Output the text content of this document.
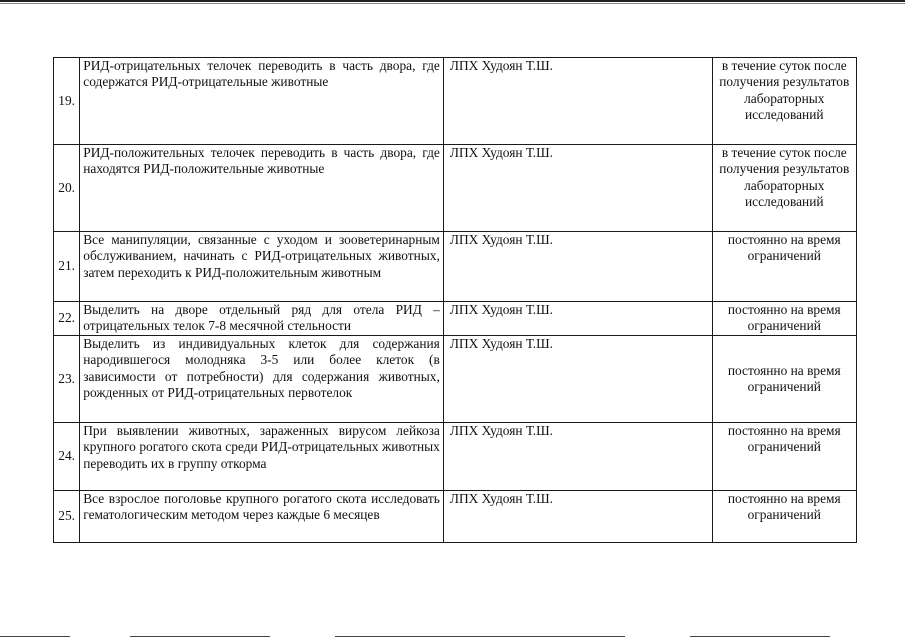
19.	РИД-отрицательных телочек переводить в часть двора, где содержатся РИД-отрицательные животные	ЛПХ Худоян Т.Ш.	в течение суток после получения результатов лабораторных исследований
20.	РИД-положительных телочек переводить в часть двора, где находятся РИД-положительные животные	ЛПХ Худоян Т.Ш.	в течение суток после получения результатов лабораторных исследований
21.	Все манипуляции, связанные с уходом и зооветеринарным обслуживанием, начинать с РИД-отрицательных животных, затем переходить к РИД-положительным животным	ЛПХ Худоян Т.Ш.	постоянно на время ограничений
22.	Выделить на дворе отдельный ряд для отела РИД – отрицательных телок 7-8 месячной стельности	ЛПХ Худоян Т.Ш.	постоянно на время ограничений
23.	Выделить из индивидуальных клеток для содержания народившегося молодняка 3-5 или более клеток (в зависимости от потребности) для содержания животных, рожденных от РИД-отрицательных первотелок	ЛПХ Худоян Т.Ш.	постоянно на время ограничений
24.	При выявлении животных, зараженных вирусом лейкоза крупного рогатого скота среди РИД-отрицательных животных переводить их в группу откорма	ЛПХ Худоян Т.Ш.	постоянно на время ограничений
25.	Все взрослое поголовье крупного рогатого скота исследовать гематологическим методом через каждые 6 месяцев	ЛПХ Худоян Т.Ш.	постоянно на время ограничений
